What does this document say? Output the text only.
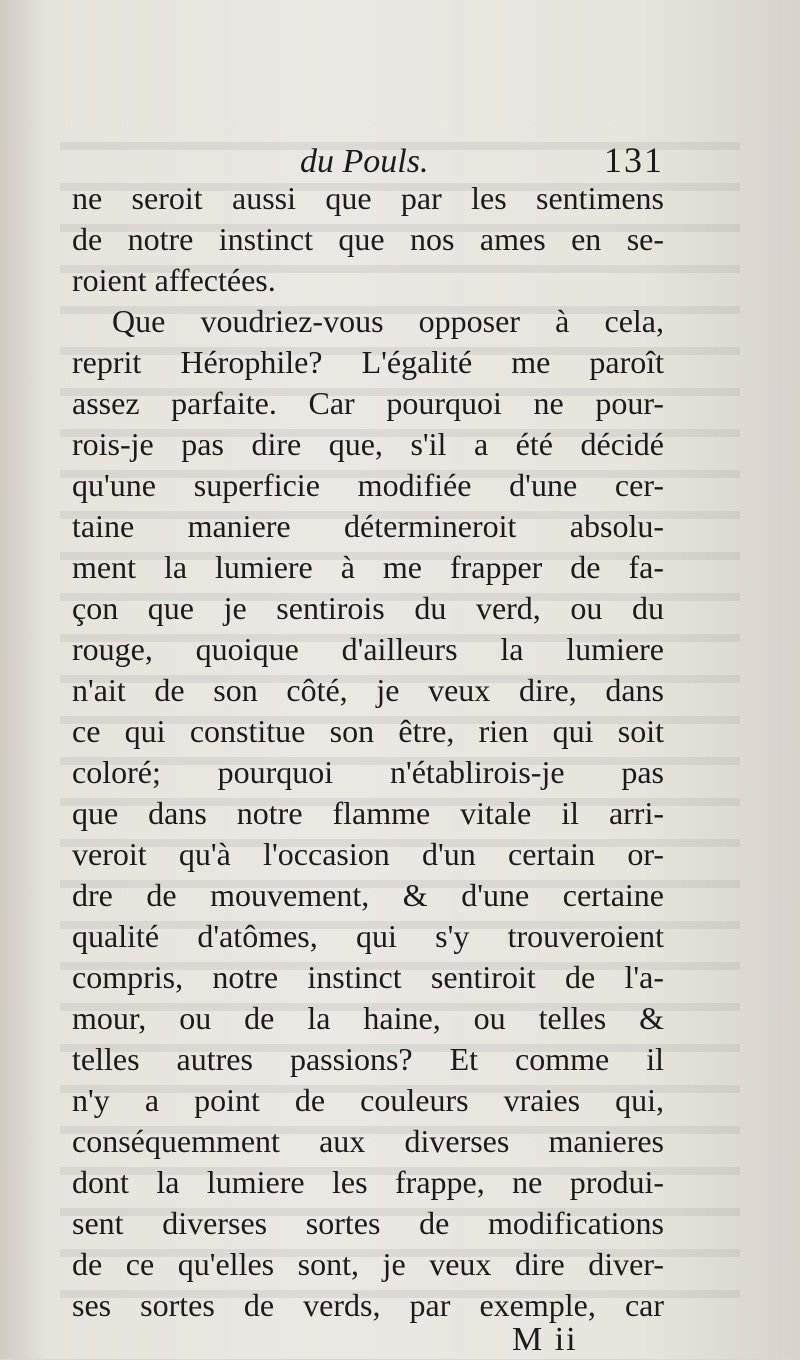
du Pouls.	131
ne seroit aussi que par les sentimens
de notre instinct que nos ames en se-
roient affectées.
Que voudriez-vous opposer à cela,
reprit Hérophile? L'égalité me paroît
assez parfaite. Car pourquoi ne pour-
rois-je pas dire que, s'il a été décidé
qu'une superficie modifiée d'une cer-
taine maniere détermineroit absolu-
ment la lumiere à me frapper de fa-
çon que je sentirois du verd, ou du
rouge, quoique d'ailleurs la lumiere
n'ait de son côté, je veux dire, dans
ce qui constitue son être, rien qui soit
coloré; pourquoi n'établirois-je pas
que dans notre flamme vitale il arri-
veroit qu'à l'occasion d'un certain or-
dre de mouvement, & d'une certaine
qualité d'atômes, qui s'y trouveroient
compris, notre instinct sentiroit de l'a-
mour, ou de la haine, ou telles &
telles autres passions? Et comme il
n'y a point de couleurs vraies qui,
conséquemment aux diverses manieres
dont la lumiere les frappe, ne produi-
sent diverses sortes de modifications
de ce qu'elles sont, je veux dire diver-
ses sortes de verds, par exemple, car
M ii
